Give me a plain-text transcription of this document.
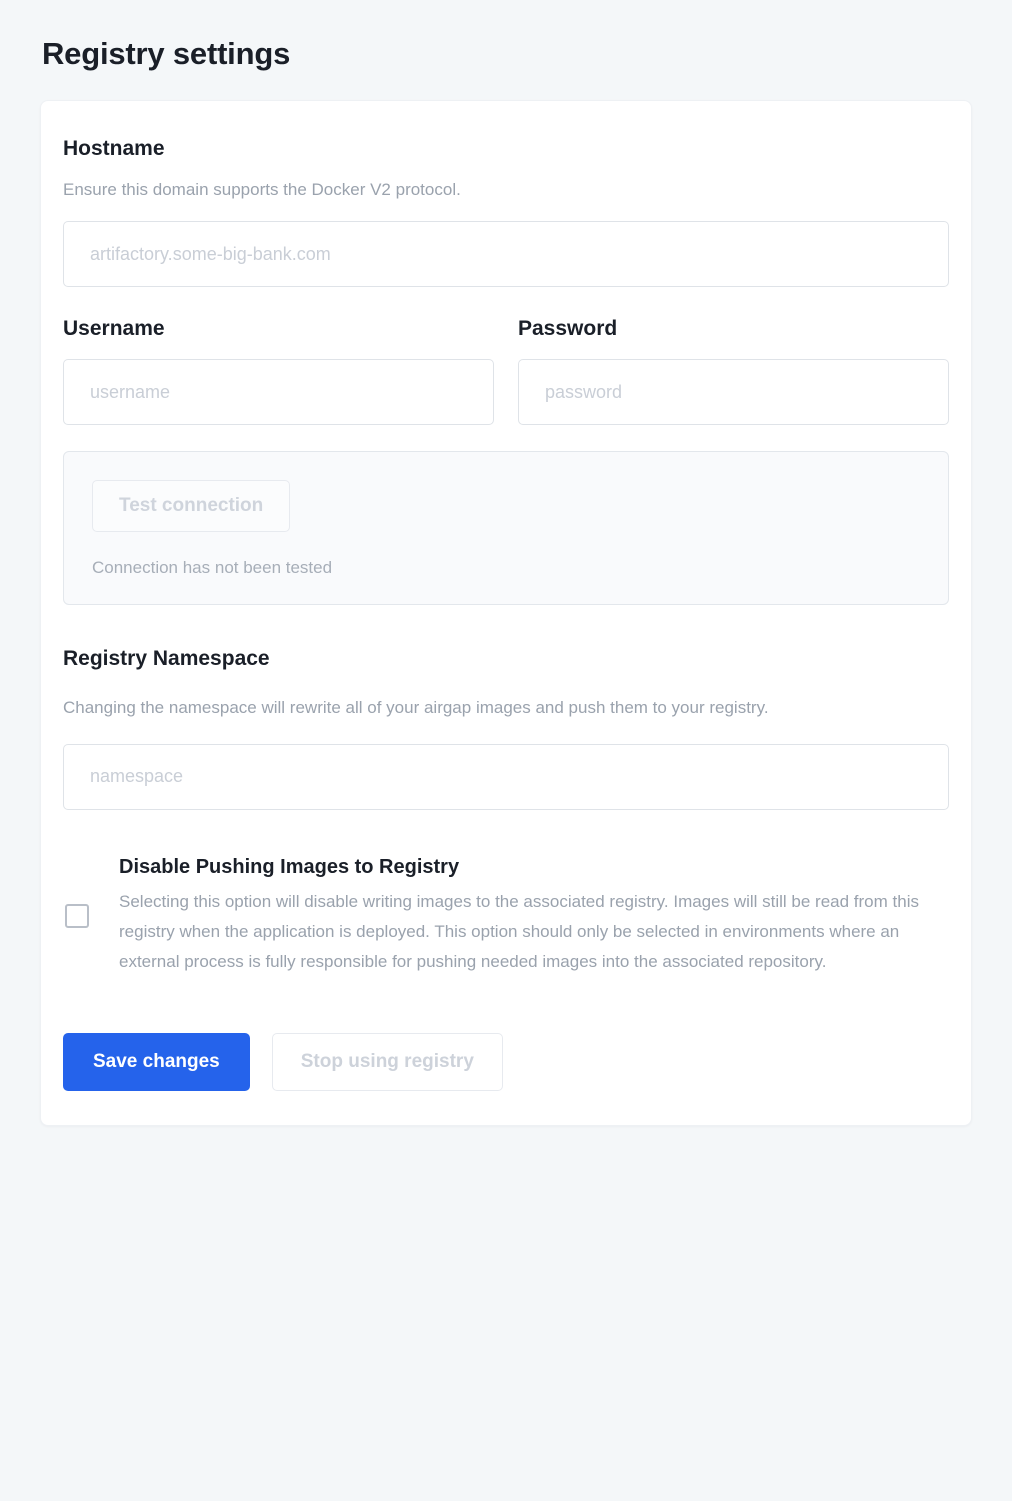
Registry settings
Hostname

Ensure this domain supports the Docker V2 protocol.

artifactory.some-big-bank.com
Username
username	Password
Test connection
Connection has not been tested
Registry Namespace

Changing the namespace will rewrite all of your airgap images and push them to your registry.

namespace
Disable Pushing Images to Registry

Selecting this option will disable writing images to the associated registry. Images will still be read from this registry when the application is deployed. This option should only be selected in environments where an external process is fully responsible for pushing needed images into the associated repository.

Save changes	Stop using registry
